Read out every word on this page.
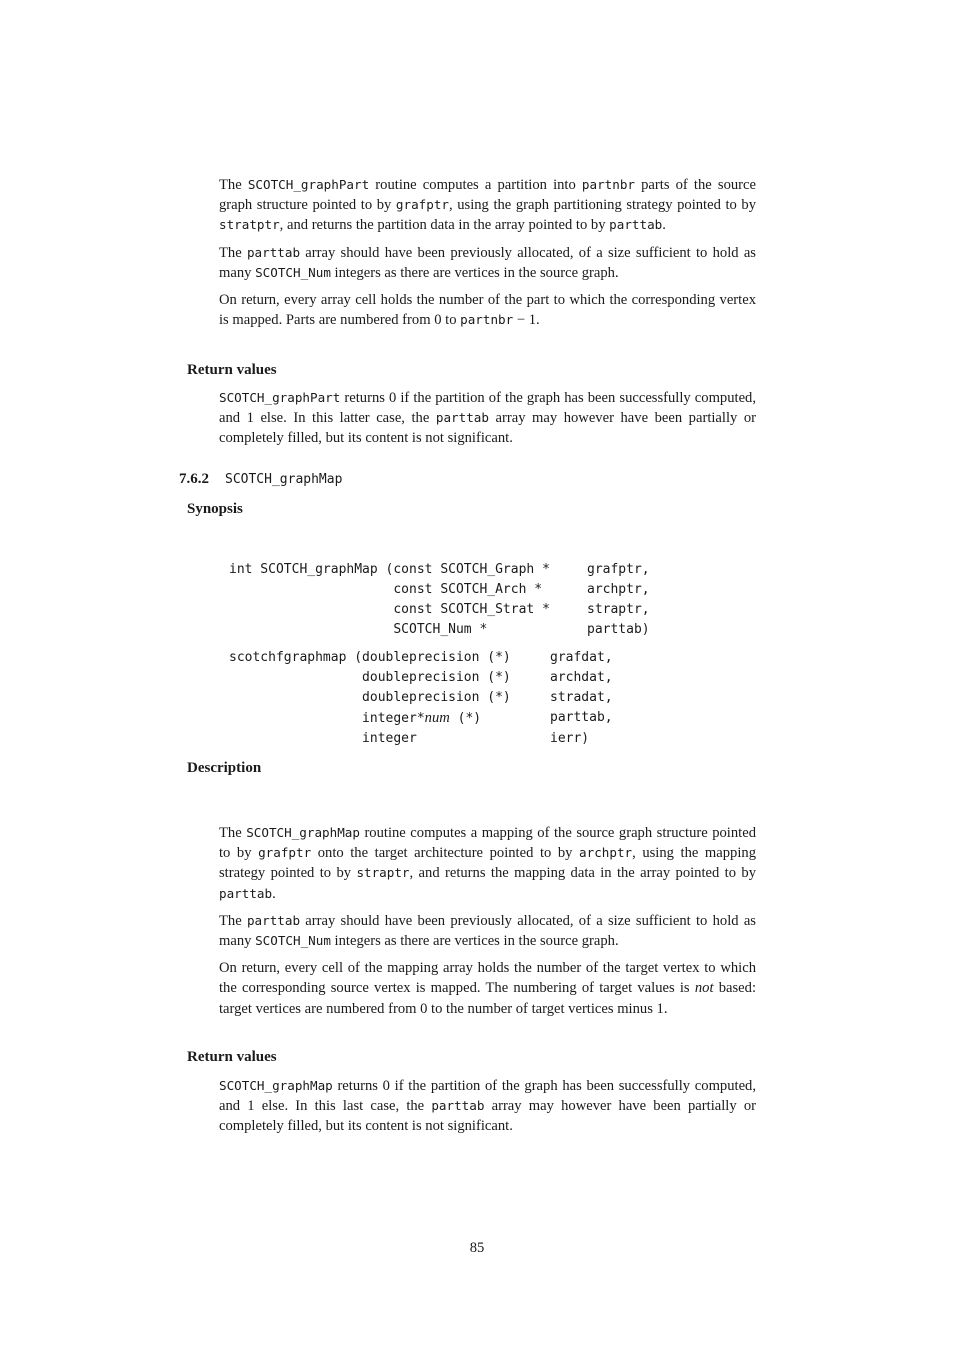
The SCOTCH_graphPart routine computes a partition into partnbr parts of the source graph structure pointed to by grafptr, using the graph partitioning strategy pointed to by stratptr, and returns the partition data in the array pointed to by parttab.

The parttab array should have been previously allocated, of a size sufficient to hold as many SCOTCH_Num integers as there are vertices in the source graph.

On return, every array cell holds the number of the part to which the corresponding vertex is mapped. Parts are numbered from 0 to partnbr − 1.

Return values

SCOTCH_graphPart returns 0 if the partition of the graph has been successfully computed, and 1 else. In this latter case, the parttab array may however have been partially or completely filled, but its content is not significant.

7.6.2 SCOTCH_graphMap
Synopsis
int SCOTCH_graphMap (const SCOTCH_Graph *	grafptr,
const SCOTCH_Arch *	archptr,
const SCOTCH_Strat *	straptr,
SCOTCH_Num *	parttab)
scotchfgraphmap (doubleprecision (*)	grafdat,
doubleprecision (*)	archdat,
doubleprecision (*)	stradat,
integer*num (*)	parttab,
integer	ierr)
Description

The SCOTCH_graphMap routine computes a mapping of the source graph structure pointed to by grafptr onto the target architecture pointed to by archptr, using the mapping strategy pointed to by straptr, and returns the mapping data in the array pointed to by parttab.

The parttab array should have been previously allocated, of a size sufficient to hold as many SCOTCH_Num integers as there are vertices in the source graph.

On return, every cell of the mapping array holds the number of the target vertex to which the corresponding source vertex is mapped. The numbering of target values is not based: target vertices are numbered from 0 to the number of target vertices minus 1.

Return values

SCOTCH_graphMap returns 0 if the partition of the graph has been successfully computed, and 1 else. In this last case, the parttab array may however have been partially or completely filled, but its content is not significant.

85
